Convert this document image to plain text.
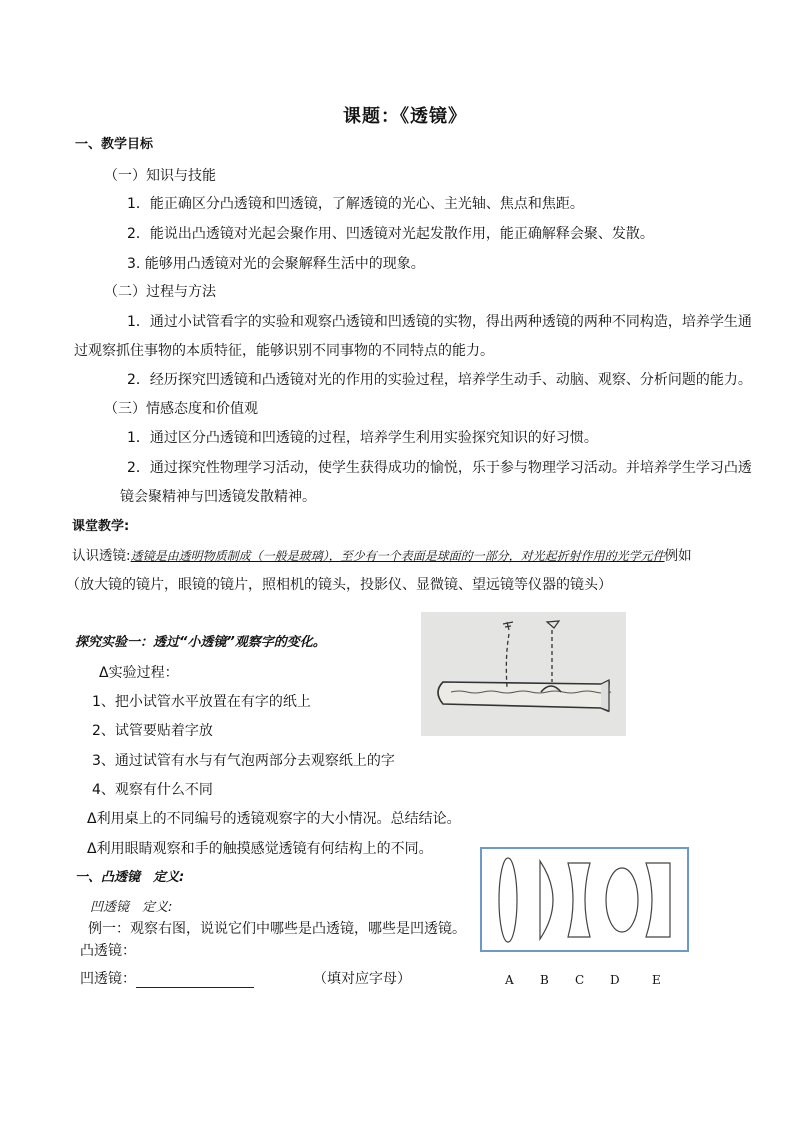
课题：《透镜》
一、教学目标
（一）知识与技能
1．能正确区分凸透镜和凹透镜，了解透镜的光心、主光轴、焦点和焦距。
2．能说出凸透镜对光起会聚作用、凹透镜对光起发散作用，能正确解释会聚、发散。
3. 能够用凸透镜对光的会聚解释生活中的现象。
（二）过程与方法
1．通过小试管看字的实验和观察凸透镜和凹透镜的实物，得出两种透镜的两种不同构造，培养学生通
过观察抓住事物的本质特征，能够识别不同事物的不同特点的能力。
2．经历探究凹透镜和凸透镜对光的作用的实验过程，培养学生动手、动脑、观察、分析问题的能力。
（三）情感态度和价值观
1．通过区分凸透镜和凹透镜的过程，培养学生利用实验探究知识的好习惯。
2．通过探究性物理学习活动，使学生获得成功的愉悦，乐于参与物理学习活动。并培养学生学习凸透
镜会聚精神与凹透镜发散精神。
课堂教学:
认识透镜:透镜是由透明物质制成（一般是玻璃），至少有一个表面是球面的一部分，对光起折射作用的光学元件例如
（放大镜的镜片，眼镜的镜片，照相机的镜头，投影仪、显微镜、望远镜等仪器的镜头）
探究实验一：透过“小透镜”观察字的变化。
Δ实验过程：
1、把小试管水平放置在有字的纸上
2、试管要贴着字放
3、通过试管有水与有气泡两部分去观察纸上的字
4、观察有什么不同
Δ利用桌上的不同编号的透镜观察字的大小情况。总结结论。
Δ利用眼睛观察和手的触摸感觉透镜有何结构上的不同。
一、凸透镜　定义:
凹透镜　定义:
例一：观察右图，说说它们中哪些是凸透镜，哪些是凹透镜。
凸透镜：
凹透镜：	（填对应字母）	A B C D	E
